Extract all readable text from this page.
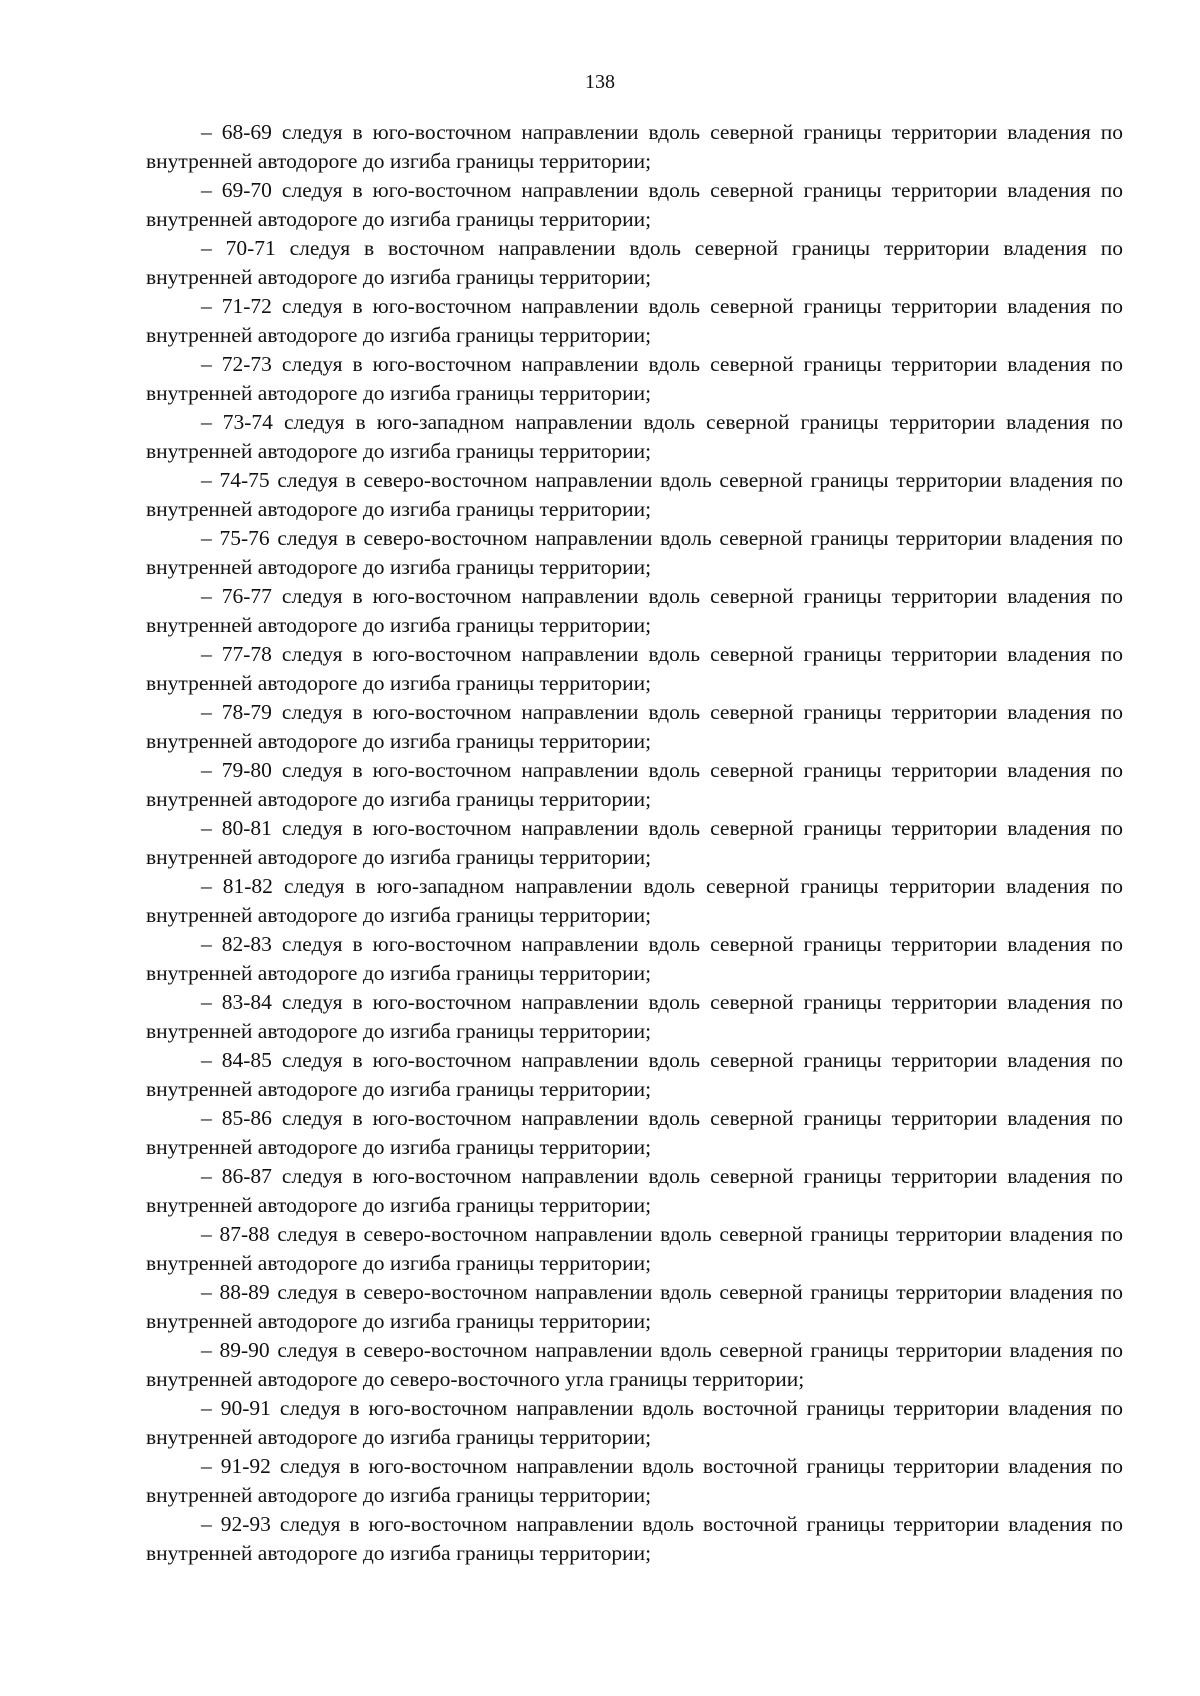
138

– 68-69 следуя в юго-восточном направлении вдоль северной границы территории владения по внутренней автодороге до изгиба границы территории;

– 69-70 следуя в юго-восточном направлении вдоль северной границы территории владения по внутренней автодороге до изгиба границы территории;

– 70-71 следуя в восточном направлении вдоль северной границы территории владения по внутренней автодороге до изгиба границы территории;

– 71-72 следуя в юго-восточном направлении вдоль северной границы территории владения по внутренней автодороге до изгиба границы территории;

– 72-73 следуя в юго-восточном направлении вдоль северной границы территории владения по внутренней автодороге до изгиба границы территории;

– 73-74 следуя в юго-западном направлении вдоль северной границы территории владения по внутренней автодороге до изгиба границы территории;

– 74-75 следуя в северо-восточном направлении вдоль северной границы территории владения по внутренней автодороге до изгиба границы территории;

– 75-76 следуя в северо-восточном направлении вдоль северной границы территории владения по внутренней автодороге до изгиба границы территории;

– 76-77 следуя в юго-восточном направлении вдоль северной границы территории владения по внутренней автодороге до изгиба границы территории;

– 77-78 следуя в юго-восточном направлении вдоль северной границы территории владения по внутренней автодороге до изгиба границы территории;

– 78-79 следуя в юго-восточном направлении вдоль северной границы территории владения по внутренней автодороге до изгиба границы территории;

– 79-80 следуя в юго-восточном направлении вдоль северной границы территории владения по внутренней автодороге до изгиба границы территории;

– 80-81 следуя в юго-восточном направлении вдоль северной границы территории владения по внутренней автодороге до изгиба границы территории;

– 81-82 следуя в юго-западном направлении вдоль северной границы территории владения по внутренней автодороге до изгиба границы территории;

– 82-83 следуя в юго-восточном направлении вдоль северной границы территории владения по внутренней автодороге до изгиба границы территории;

– 83-84 следуя в юго-восточном направлении вдоль северной границы территории владения по внутренней автодороге до изгиба границы территории;

– 84-85 следуя в юго-восточном направлении вдоль северной границы территории владения по внутренней автодороге до изгиба границы территории;

– 85-86 следуя в юго-восточном направлении вдоль северной границы территории владения по внутренней автодороге до изгиба границы территории;

– 86-87 следуя в юго-восточном направлении вдоль северной границы территории владения по внутренней автодороге до изгиба границы территории;

– 87-88 следуя в северо-восточном направлении вдоль северной границы территории владения по внутренней автодороге до изгиба границы территории;

– 88-89 следуя в северо-восточном направлении вдоль северной границы территории владения по внутренней автодороге до изгиба границы территории;

– 89-90 следуя в северо-восточном направлении вдоль северной границы территории владения по внутренней автодороге до северо-восточного угла границы территории;

– 90-91 следуя в юго-восточном направлении вдоль восточной границы территории владения по внутренней автодороге до изгиба границы территории;

– 91-92 следуя в юго-восточном направлении вдоль восточной границы территории владения по внутренней автодороге до изгиба границы территории;

– 92-93 следуя в юго-восточном направлении вдоль восточной границы территории владения по внутренней автодороге до изгиба границы территории;
